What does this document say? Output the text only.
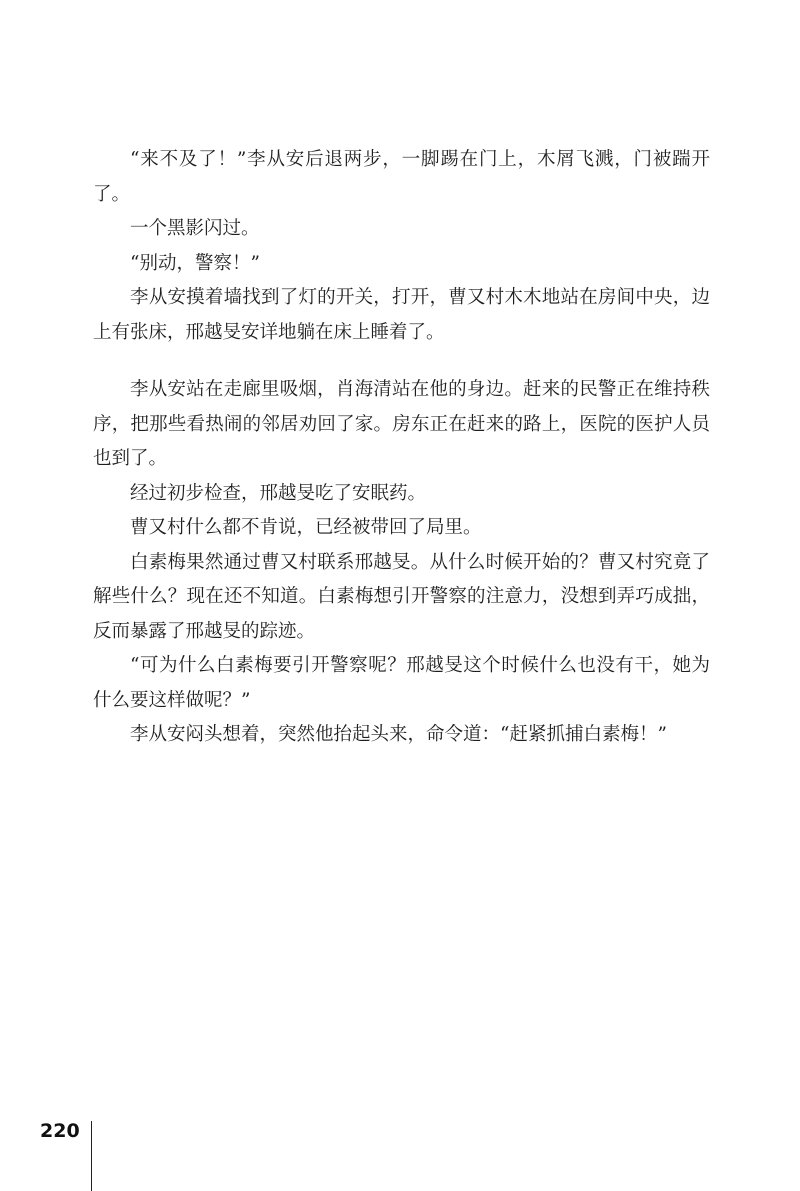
“来不及了！”李从安后退两步，一脚踢在门上，木屑飞溅，门被踹开了。

一个黑影闪过。

“别动，警察！”

李从安摸着墙找到了灯的开关，打开，曹又村木木地站在房间中央，边上有张床，邢越旻安详地躺在床上睡着了。

李从安站在走廊里吸烟，肖海清站在他的身边。赶来的民警正在维持秩序，把那些看热闹的邻居劝回了家。房东正在赶来的路上，医院的医护人员也到了。

经过初步检查，邢越旻吃了安眠药。

曹又村什么都不肯说，已经被带回了局里。

白素梅果然通过曹又村联系邢越旻。从什么时候开始的？曹又村究竟了解些什么？现在还不知道。白素梅想引开警察的注意力，没想到弄巧成拙，反而暴露了邢越旻的踪迹。

“可为什么白素梅要引开警察呢？邢越旻这个时候什么也没有干，她为什么要这样做呢？”

李从安闷头想着，突然他抬起头来，命令道：“赶紧抓捕白素梅！”

220
